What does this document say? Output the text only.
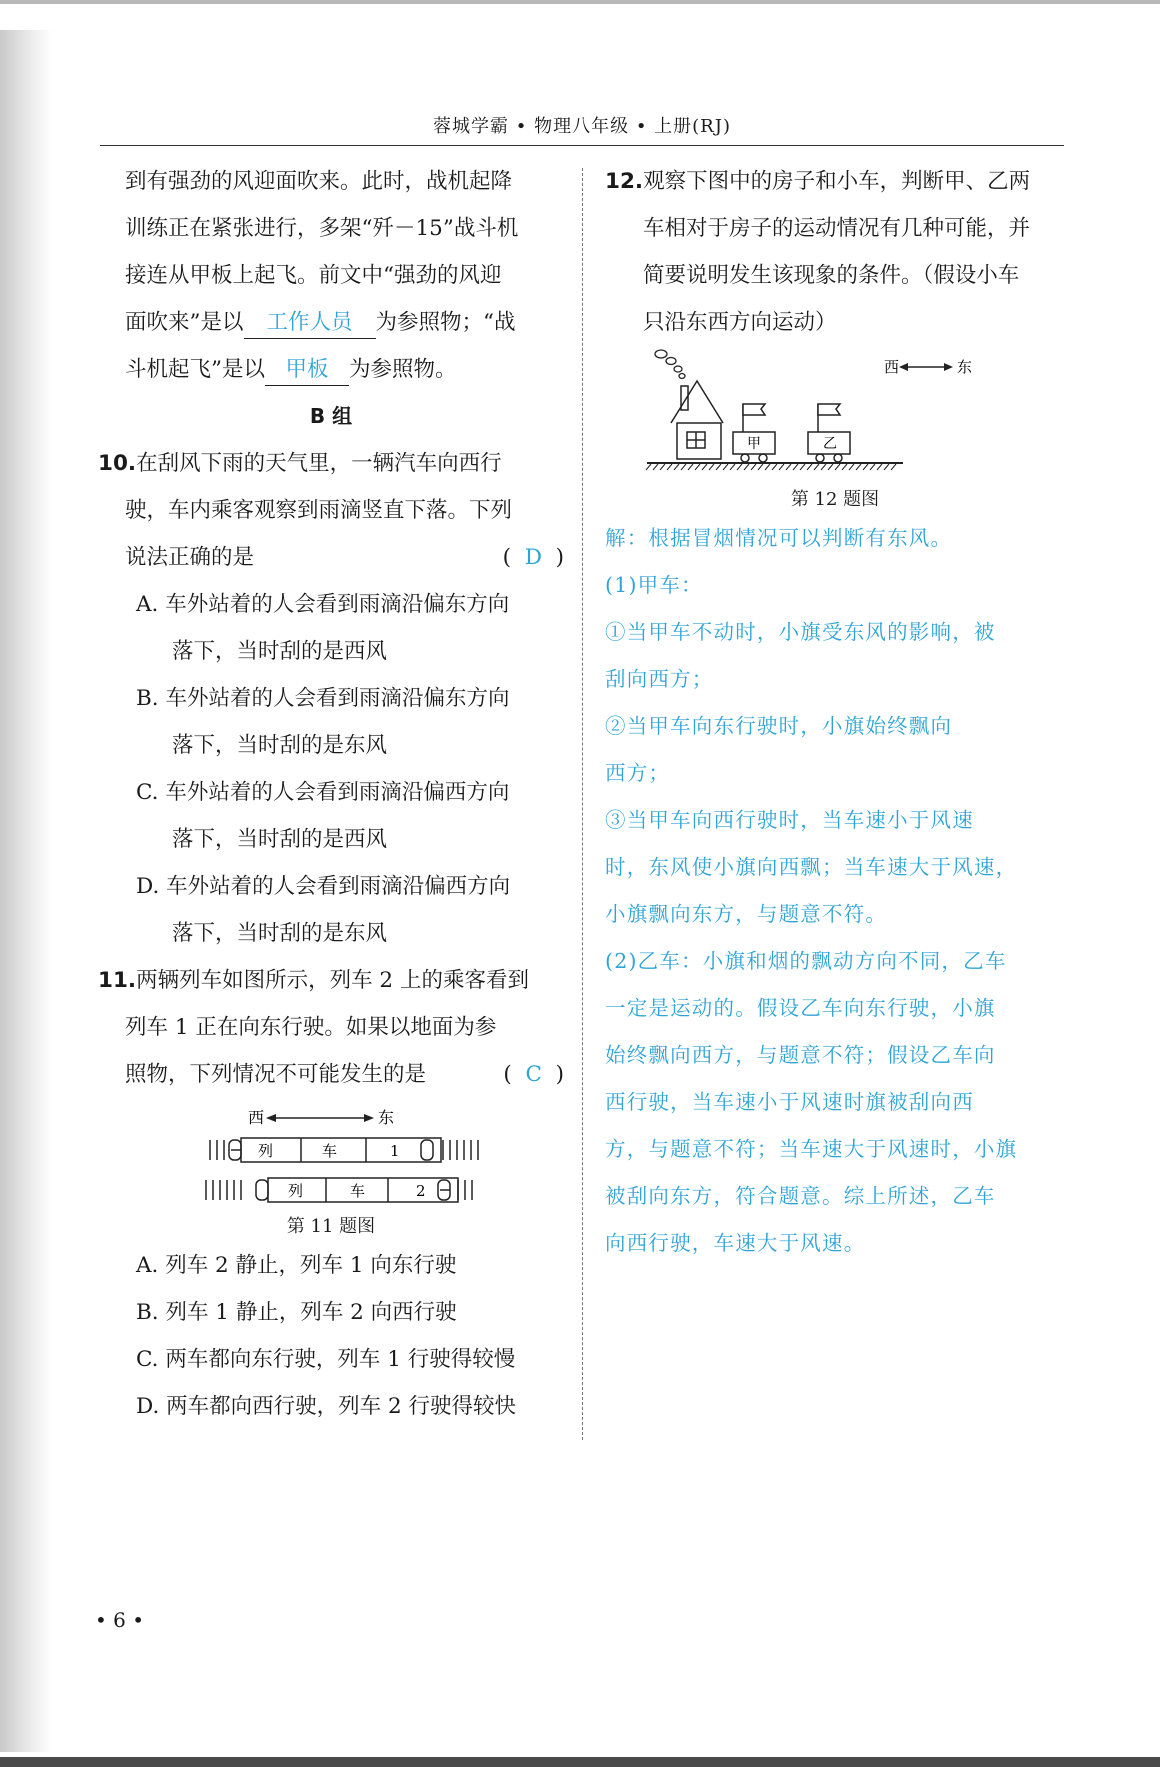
蓉城学霸 • 物理八年级 • 上册(RJ)
到有强劲的风迎面吹来。此时，战机起降
训练正在紧张进行，多架“歼－15”战斗机
接连从甲板上起飞。前文中“强劲的风迎
面吹来”是以 工作人员 为参照物；“战
斗机起飞”是以 甲板 为参照物。
B 组
10.在刮风下雨的天气里，一辆汽车向西行
驶，车内乘客观察到雨滴竖直下落。下列
说法正确的是	( D )
A. 车外站着的人会看到雨滴沿偏东方向
落下，当时刮的是西风
B. 车外站着的人会看到雨滴沿偏东方向
落下，当时刮的是东风
C. 车外站着的人会看到雨滴沿偏西方向
落下，当时刮的是西风
D. 车外站着的人会看到雨滴沿偏西方向
落下，当时刮的是东风
11.两辆列车如图所示，列车 2 上的乘客看到
列车 1 正在向东行驶。如果以地面为参
照物，下列情况不可能发生的是	( C )
西	东
列	车	1
列	车	2
第 11 题图
A. 列车 2 静止，列车 1 向东行驶
B. 列车 1 静止，列车 2 向西行驶
C. 两车都向东行驶，列车 1 行驶得较慢
D. 两车都向西行驶，列车 2 行驶得较快
12.观察下图中的房子和小车，判断甲、乙两
车相对于房子的运动情况有几种可能，并
简要说明发生该现象的条件。（假设小车
只沿东西方向运动）
西	东
甲	乙
第 12 题图
解：根据冒烟情况可以判断有东风。
(1)甲车：
①当甲车不动时，小旗受东风的影响，被
刮向西方；
②当甲车向东行驶时，小旗始终飘向
西方；
③当甲车向西行驶时，当车速小于风速
时，东风使小旗向西飘；当车速大于风速，
小旗飘向东方，与题意不符。
(2)乙车：小旗和烟的飘动方向不同，乙车
一定是运动的。假设乙车向东行驶，小旗
始终飘向西方，与题意不符；假设乙车向
西行驶，当车速小于风速时旗被刮向西
方，与题意不符；当车速大于风速时，小旗
被刮向东方，符合题意。综上所述，乙车
向西行驶，车速大于风速。
• 6 •
